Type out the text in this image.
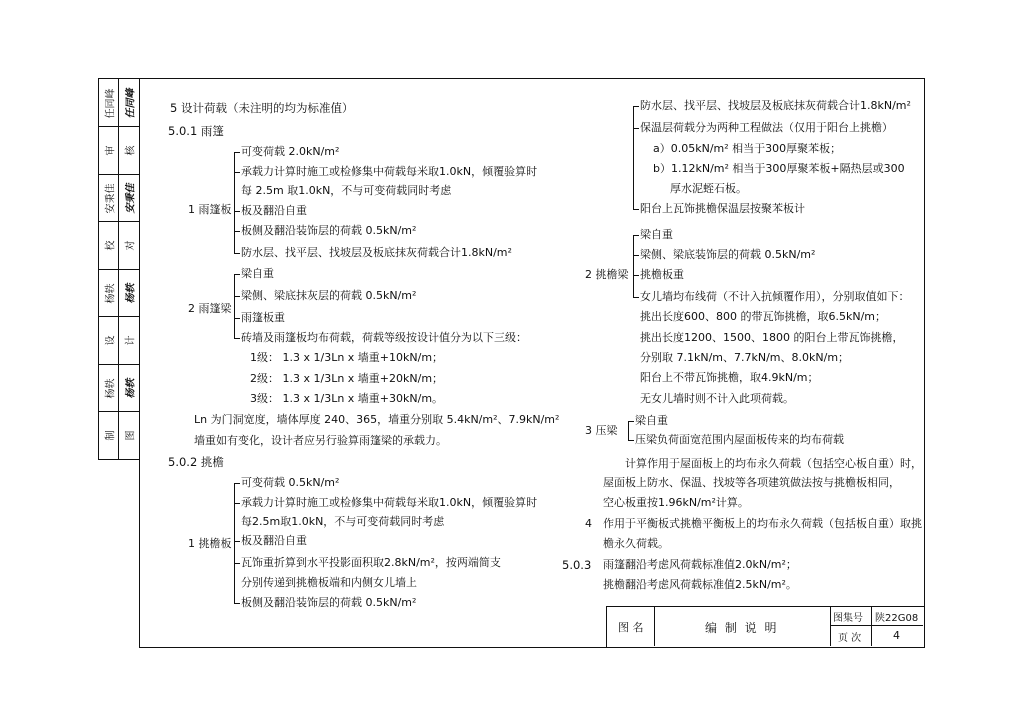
任同峰 任同峰
审 核
安秉佳 安秉佳
校 对
杨轶 杨轶
设 计
杨轶 杨轶
制 图
5 设计荷载（未注明的均为标准值）
5.0.1 雨篷
1 雨篷板
可变荷载 2.0kN/m²
承载力计算时施工或检修集中荷载每米取1.0kN，倾覆验算时
每 2.5m 取1.0kN，不与可变荷载同时考虑
板及翻沿自重
板侧及翻沿装饰层的荷载 0.5kN/m²
防水层、找平层、找坡层及板底抹灰荷载合计1.8kN/m²
2 雨篷梁
梁自重
梁侧、梁底抹灰层的荷载 0.5kN/m²
雨篷板重
砖墙及雨篷板均布荷载，荷载等级按设计值分为以下三级：
1级： 1.3 x 1/3Ln x 墙重+10kN/m；
2级： 1.3 x 1/3Ln x 墙重+20kN/m；
3级： 1.3 x 1/3Ln x 墙重+30kN/m。
Ln 为门洞宽度，墙体厚度 240、365，墙重分别取 5.4kN/m²、7.9kN/m²
墙重如有变化，设计者应另行验算雨篷梁的承载力。
5.0.2 挑檐
1 挑檐板
可变荷载 0.5kN/m²
承载力计算时施工或检修集中荷载每米取1.0kN，倾覆验算时
每2.5m取1.0kN，不与可变荷载同时考虑
板及翻沿自重
瓦饰重折算到水平投影面积取2.8kN/m²，按两端简支
分别传递到挑檐板端和内侧女儿墙上
板侧及翻沿装饰层的荷载 0.5kN/m²
防水层、找平层、找坡层及板底抹灰荷载合计1.8kN/m²
保温层荷载分为两种工程做法（仅用于阳台上挑檐）
a）0.05kN/m² 相当于300厚聚苯板；
b）1.12kN/m² 相当于300厚聚苯板+隔热层或300
厚水泥蛭石板。
阳台上瓦饰挑檐保温层按聚苯板计
2 挑檐梁
梁自重
梁侧、梁底装饰层的荷载 0.5kN/m²
挑檐板重
女儿墙均布线荷（不计入抗倾覆作用），分别取值如下：
挑出长度600、800 的带瓦饰挑檐，取6.5kN/m；
挑出长度1200、1500、1800 的阳台上带瓦饰挑檐，
分别取 7.1kN/m、7.7kN/m、8.0kN/m；
阳台上不带瓦饰挑檐，取4.9kN/m；
无女儿墙时则不计入此项荷载。
3 压梁
梁自重
压梁负荷面宽范围内屋面板传来的均布荷载
计算作用于屋面板上的均布永久荷载（包括空心板自重）时，
屋面板上防水、保温、找坡等各项建筑做法按与挑檐板相同，
空心板重按1.96kN/m²计算。
4 作用于平衡板式挑檐平衡板上的均布永久荷载（包括板自重）取挑
檐永久荷载。
5.0.3 雨篷翻沿考虑风荷载标准值2.0kN/m²；
挑檐翻沿考虑风荷载标准值2.5kN/m²。
图 名	编 制 说 明
图集号 陕22G08
页 次	4
